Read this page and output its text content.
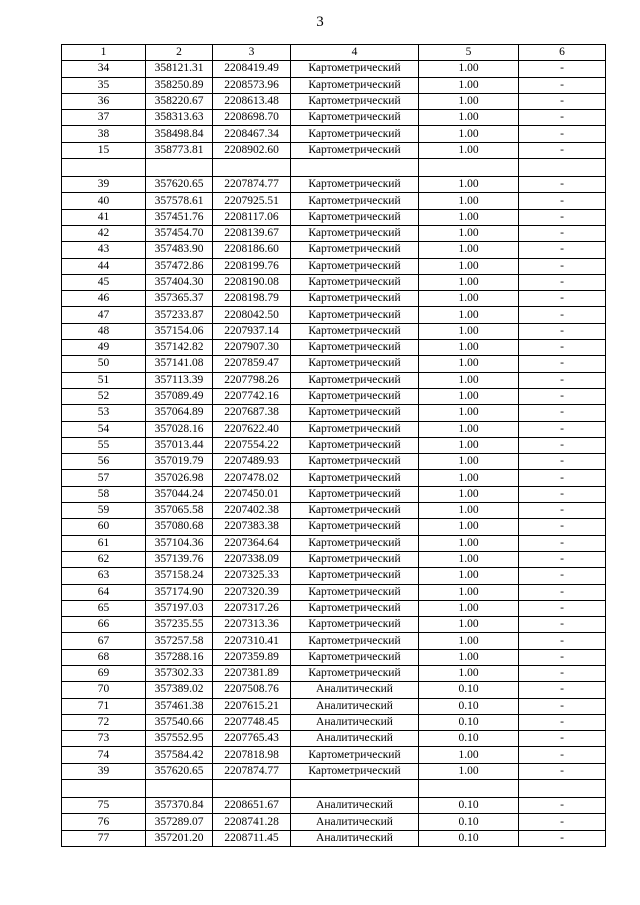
3
1	2	3	4	5	6
34	358121.31	2208419.49	Картометрический	1.00	-
35	358250.89	2208573.96	Картометрический	1.00	-
36	358220.67	2208613.48	Картометрический	1.00	-
37	358313.63	2208698.70	Картометрический	1.00	-
38	358498.84	2208467.34	Картометрический	1.00	-
15	358773.81	2208902.60	Картометрический	1.00	-

39	357620.65	2207874.77	Картометрический	1.00	-
40	357578.61	2207925.51	Картометрический	1.00	-
41	357451.76	2208117.06	Картометрический	1.00	-
42	357454.70	2208139.67	Картометрический	1.00	-
43	357483.90	2208186.60	Картометрический	1.00	-
44	357472.86	2208199.76	Картометрический	1.00	-
45	357404.30	2208190.08	Картометрический	1.00	-
46	357365.37	2208198.79	Картометрический	1.00	-
47	357233.87	2208042.50	Картометрический	1.00	-
48	357154.06	2207937.14	Картометрический	1.00	-
49	357142.82	2207907.30	Картометрический	1.00	-
50	357141.08	2207859.47	Картометрический	1.00	-
51	357113.39	2207798.26	Картометрический	1.00	-
52	357089.49	2207742.16	Картометрический	1.00	-
53	357064.89	2207687.38	Картометрический	1.00	-
54	357028.16	2207622.40	Картометрический	1.00	-
55	357013.44	2207554.22	Картометрический	1.00	-
56	357019.79	2207489.93	Картометрический	1.00	-
57	357026.98	2207478.02	Картометрический	1.00	-
58	357044.24	2207450.01	Картометрический	1.00	-
59	357065.58	2207402.38	Картометрический	1.00	-
60	357080.68	2207383.38	Картометрический	1.00	-
61	357104.36	2207364.64	Картометрический	1.00	-
62	357139.76	2207338.09	Картометрический	1.00	-
63	357158.24	2207325.33	Картометрический	1.00	-
64	357174.90	2207320.39	Картометрический	1.00	-
65	357197.03	2207317.26	Картометрический	1.00	-
66	357235.55	2207313.36	Картометрический	1.00	-
67	357257.58	2207310.41	Картометрический	1.00	-
68	357288.16	2207359.89	Картометрический	1.00	-
69	357302.33	2207381.89	Картометрический	1.00	-
70	357389.02	2207508.76	Аналитический	0.10	-
71	357461.38	2207615.21	Аналитический	0.10	-
72	357540.66	2207748.45	Аналитический	0.10	-
73	357552.95	2207765.43	Аналитический	0.10	-
74	357584.42	2207818.98	Картометрический	1.00	-
39	357620.65	2207874.77	Картометрический	1.00	-

75	357370.84	2208651.67	Аналитический	0.10	-
76	357289.07	2208741.28	Аналитический	0.10	-
77	357201.20	2208711.45	Аналитический	0.10	-
